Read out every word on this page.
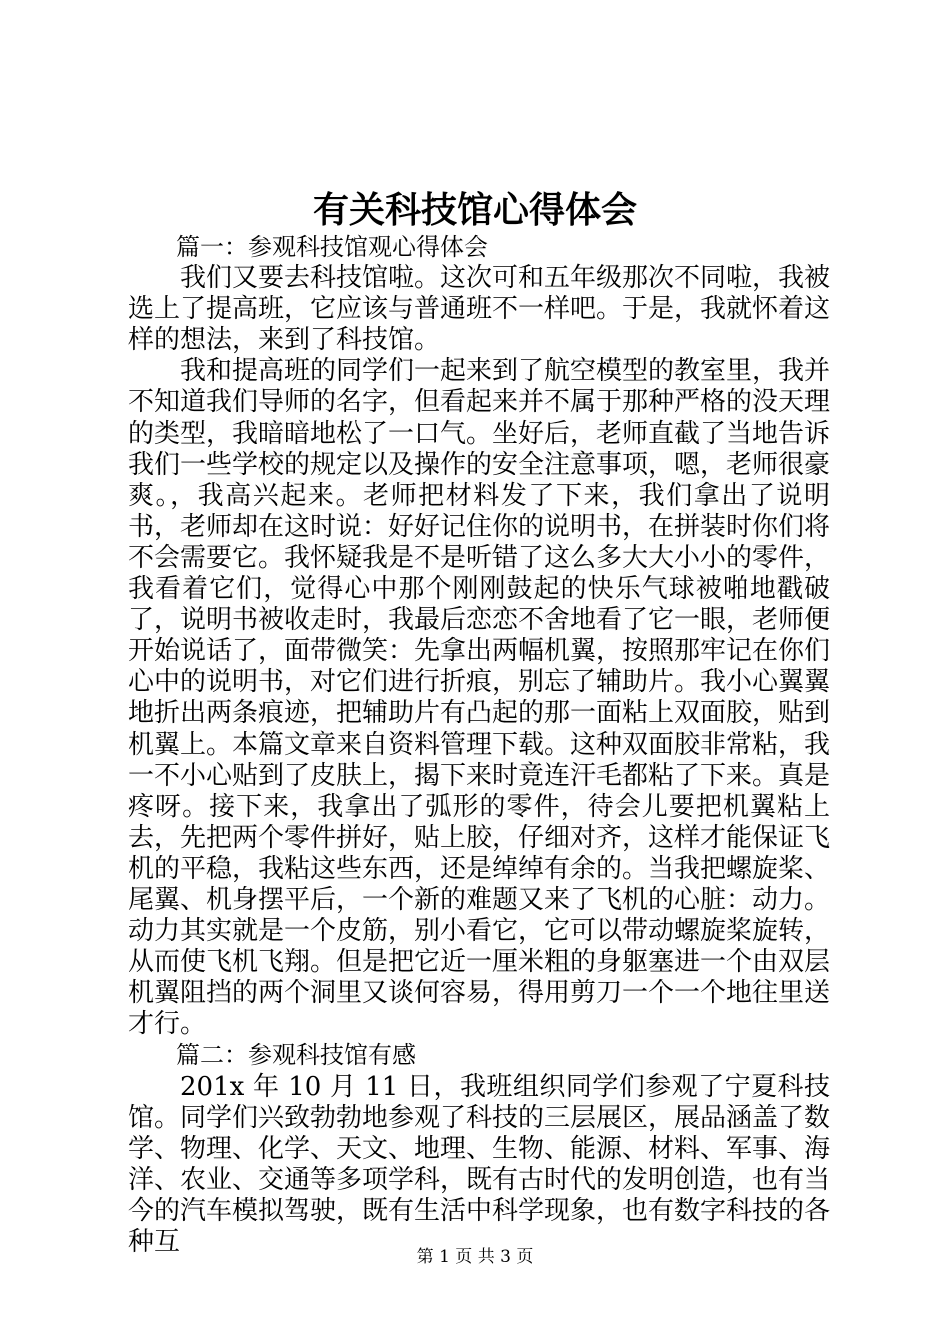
有关科技馆心得体会

篇一：参观科技馆观心得体会

我们又要去科技馆啦。这次可和五年级那次不同啦，我被选上了提高班，它应该与普通班不一样吧。于是，我就怀着这样的想法，来到了科技馆。

我和提高班的同学们一起来到了航空模型的教室里，我并不知道我们导师的名字，但看起来并不属于那种严格的没天理的类型，我暗暗地松了一口气。坐好后，老师直截了当地告诉我们一些学校的规定以及操作的安全注意事项，嗯，老师很豪爽。，我高兴起来。老师把材料发了下来，我们拿出了说明书，老师却在这时说：好好记住你的说明书，在拼装时你们将不会需要它。我怀疑我是不是听错了这么多大大小小的零件，我看着它们，觉得心中那个刚刚鼓起的快乐气球被啪地戳破了，说明书被收走时，我最后恋恋不舍地看了它一眼，老师便开始说话了，面带微笑：先拿出两幅机翼，按照那牢记在你们心中的说明书，对它们进行折痕，别忘了辅助片。我小心翼翼地折出两条痕迹，把辅助片有凸起的那一面粘上双面胶，贴到机翼上。本篇文章来自资料管理下载。这种双面胶非常粘，我一不小心贴到了皮肤上，揭下来时竟连汗毛都粘了下来。真是疼呀。接下来，我拿出了弧形的零件，待会儿要把机翼粘上去，先把两个零件拼好，贴上胶，仔细对齐，这样才能保证飞机的平稳，我粘这些东西，还是绰绰有余的。当我把螺旋桨、尾翼、机身摆平后，一个新的难题又来了飞机的心脏：动力。动力其实就是一个皮筋，别小看它，它可以带动螺旋桨旋转，从而使飞机飞翔。但是把它近一厘米粗的身躯塞进一个由双层机翼阻挡的两个洞里又谈何容易，得用剪刀一个一个地往里送才行。

篇二：参观科技馆有感

201x 年 10 月 11 日，我班组织同学们参观了宁夏科技馆。同学们兴致勃勃地参观了科技的三层展区，展品涵盖了数学、物理、化学、天文、地理、生物、能源、材料、军事、海洋、农业、交通等多项学科，既有古时代的发明创造，也有当今的汽车模拟驾驶，既有生活中科学现象，也有数字科技的各种互	第 1 页 共 3 页
